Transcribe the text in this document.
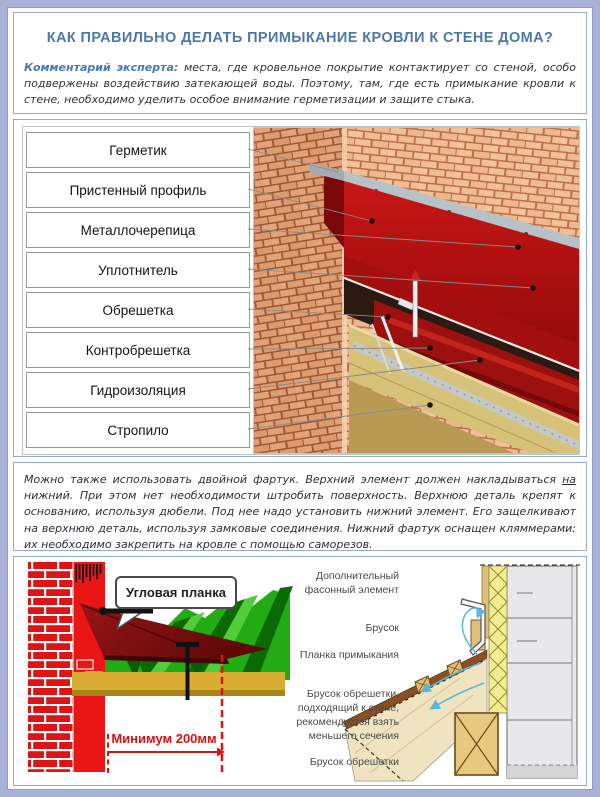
КАК ПРАВИЛЬНО ДЕЛАТЬ ПРИМЫКАНИЕ КРОВЛИ К СТЕНЕ ДОМА?
Комментарий эксперта: места, где кровельное покрытие контактирует со стеной, особо подвержены воздействию затекающей воды. Поэтому, там, где есть примыкание кровли к стене, необходимо уделить особое внимание герметизации и защите стыка.
Герметик
Пристенный профиль
Металлочерепица
Уплотнитель
Обрешетка
Контробрешетка
Гидроизоляция
Стропило
Можно также использовать двойной фартук. Верхний элемент должен накладываться на нижний. При этом нет необходимости штробить поверхность. Верхнюю деталь крепят к основанию, используя дюбели. Под нее надо установить нижний элемент. Его защелкивают на верхнюю деталь, используя замковые соединения. Нижний фартук оснащен кляммерами: их необходимо закрепить на кровле с помощью саморезов.
Угловая планка
Минимум 200мм
Дополнительный фасонный элемент
Брусок
Планка примыкания
Брусок обрешетки, подходящий к стене, рекомендуется взять меньшего сечения
Брусок обрешетки
